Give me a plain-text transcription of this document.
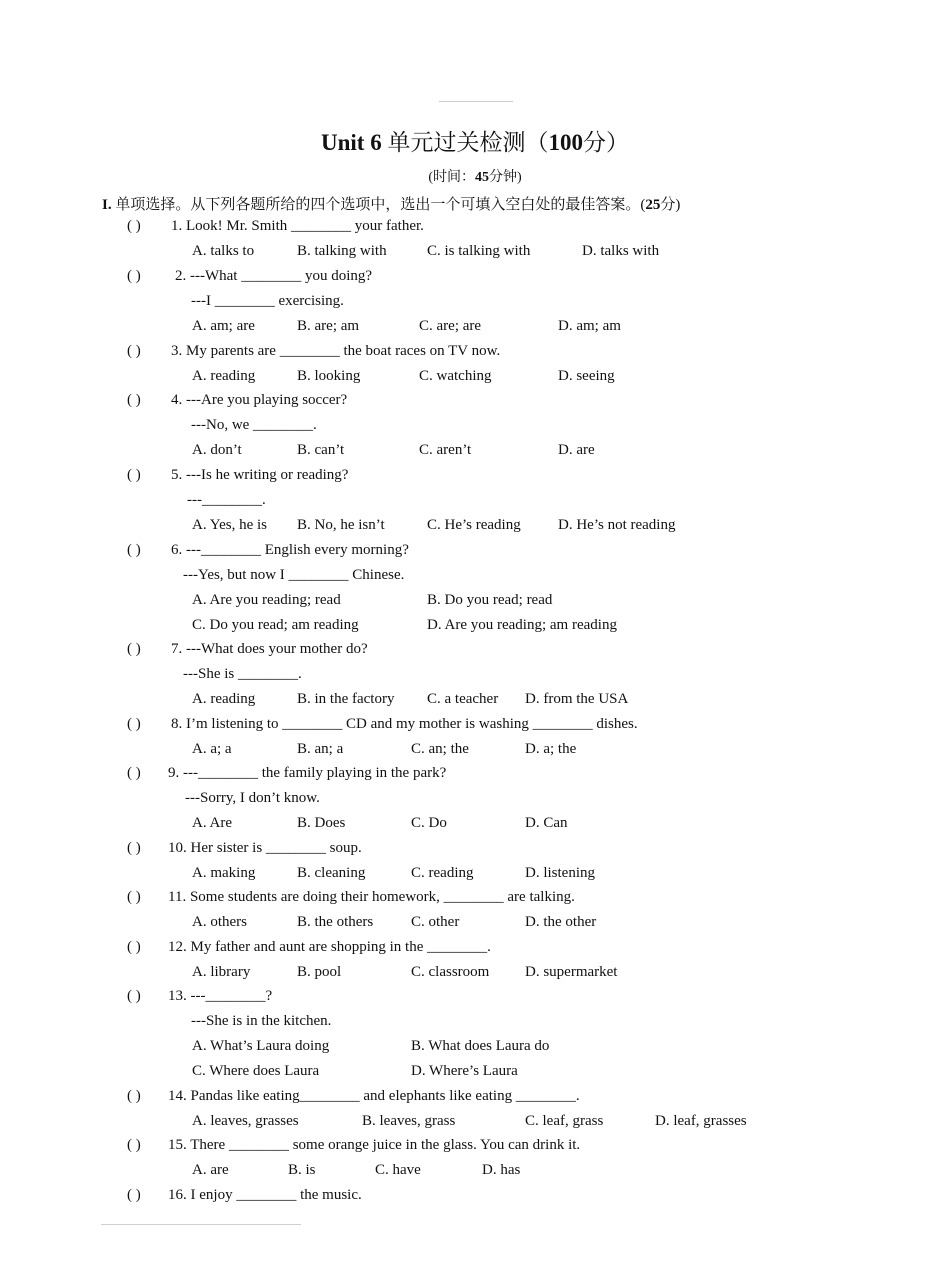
Unit 6 单元过关检测（100分）
(时间：45分钟)
I. 单项选择。从下列各题所给的四个选项中，选出一个可填入空白处的最佳答案。(25分)
( ) 1. Look! Mr. Smith ________ your father.
A. talks to	B. talking with	C. is talking with	D. talks with
( ) 2. ---What ________ you doing?
---I ________ exercising.
A. am; are	B. are; am	C. are; are	D. am; am
( ) 3. My parents are ________ the boat races on TV now.
A. reading	B. looking	C. watching	D. seeing
( ) 4. ---Are you playing soccer?
---No, we ________.
A. don’t	B. can’t	C. aren’t	D. are
( ) 5. ---Is he writing or reading?
---________.
A. Yes, he is B. No, he isn’t	C. He’s reading D. He’s not reading
( ) 6. ---________ English every morning?
---Yes, but now I ________ Chinese.
A. Are you reading; read	B. Do you read; read
C. Do you read; am reading	D. Are you reading; am reading
( ) 7. ---What does your mother do?
---She is ________.
A. reading	B. in the factory C. a teacher D. from the USA
( ) 8. I’m listening to ________ CD and my mother is washing ________ dishes.
A. a; a	B. an; a	C. an; the	D. a; the
( ) 9. ---________ the family playing in the park?
---Sorry, I don’t know.
A. Are	B. Does	C. Do	D. Can
( ) 10. Her sister is ________ soup.
A. making	B. cleaning	C. reading	D. listening
( ) 11. Some students are doing their homework, ________ are talking.
A. others	B. the others	C. other	D. the other
( ) 12. My father and aunt are shopping in the ________.
A. library	B. pool	C. classroom D. supermarket
( ) 13. ---________?
---She is in the kitchen.
A. What’s Laura doing	B. What does Laura do
C. Where does Laura	D. Where’s Laura
( ) 14. Pandas like eating________ and elephants like eating ________.
A. leaves, grasses	B. leaves, grass	C. leaf, grass	D. leaf, grasses
( ) 15. There ________ some orange juice in the glass. You can drink it.
A. are	B. is	C. have	D. has
( ) 16. I enjoy ________ the music.
